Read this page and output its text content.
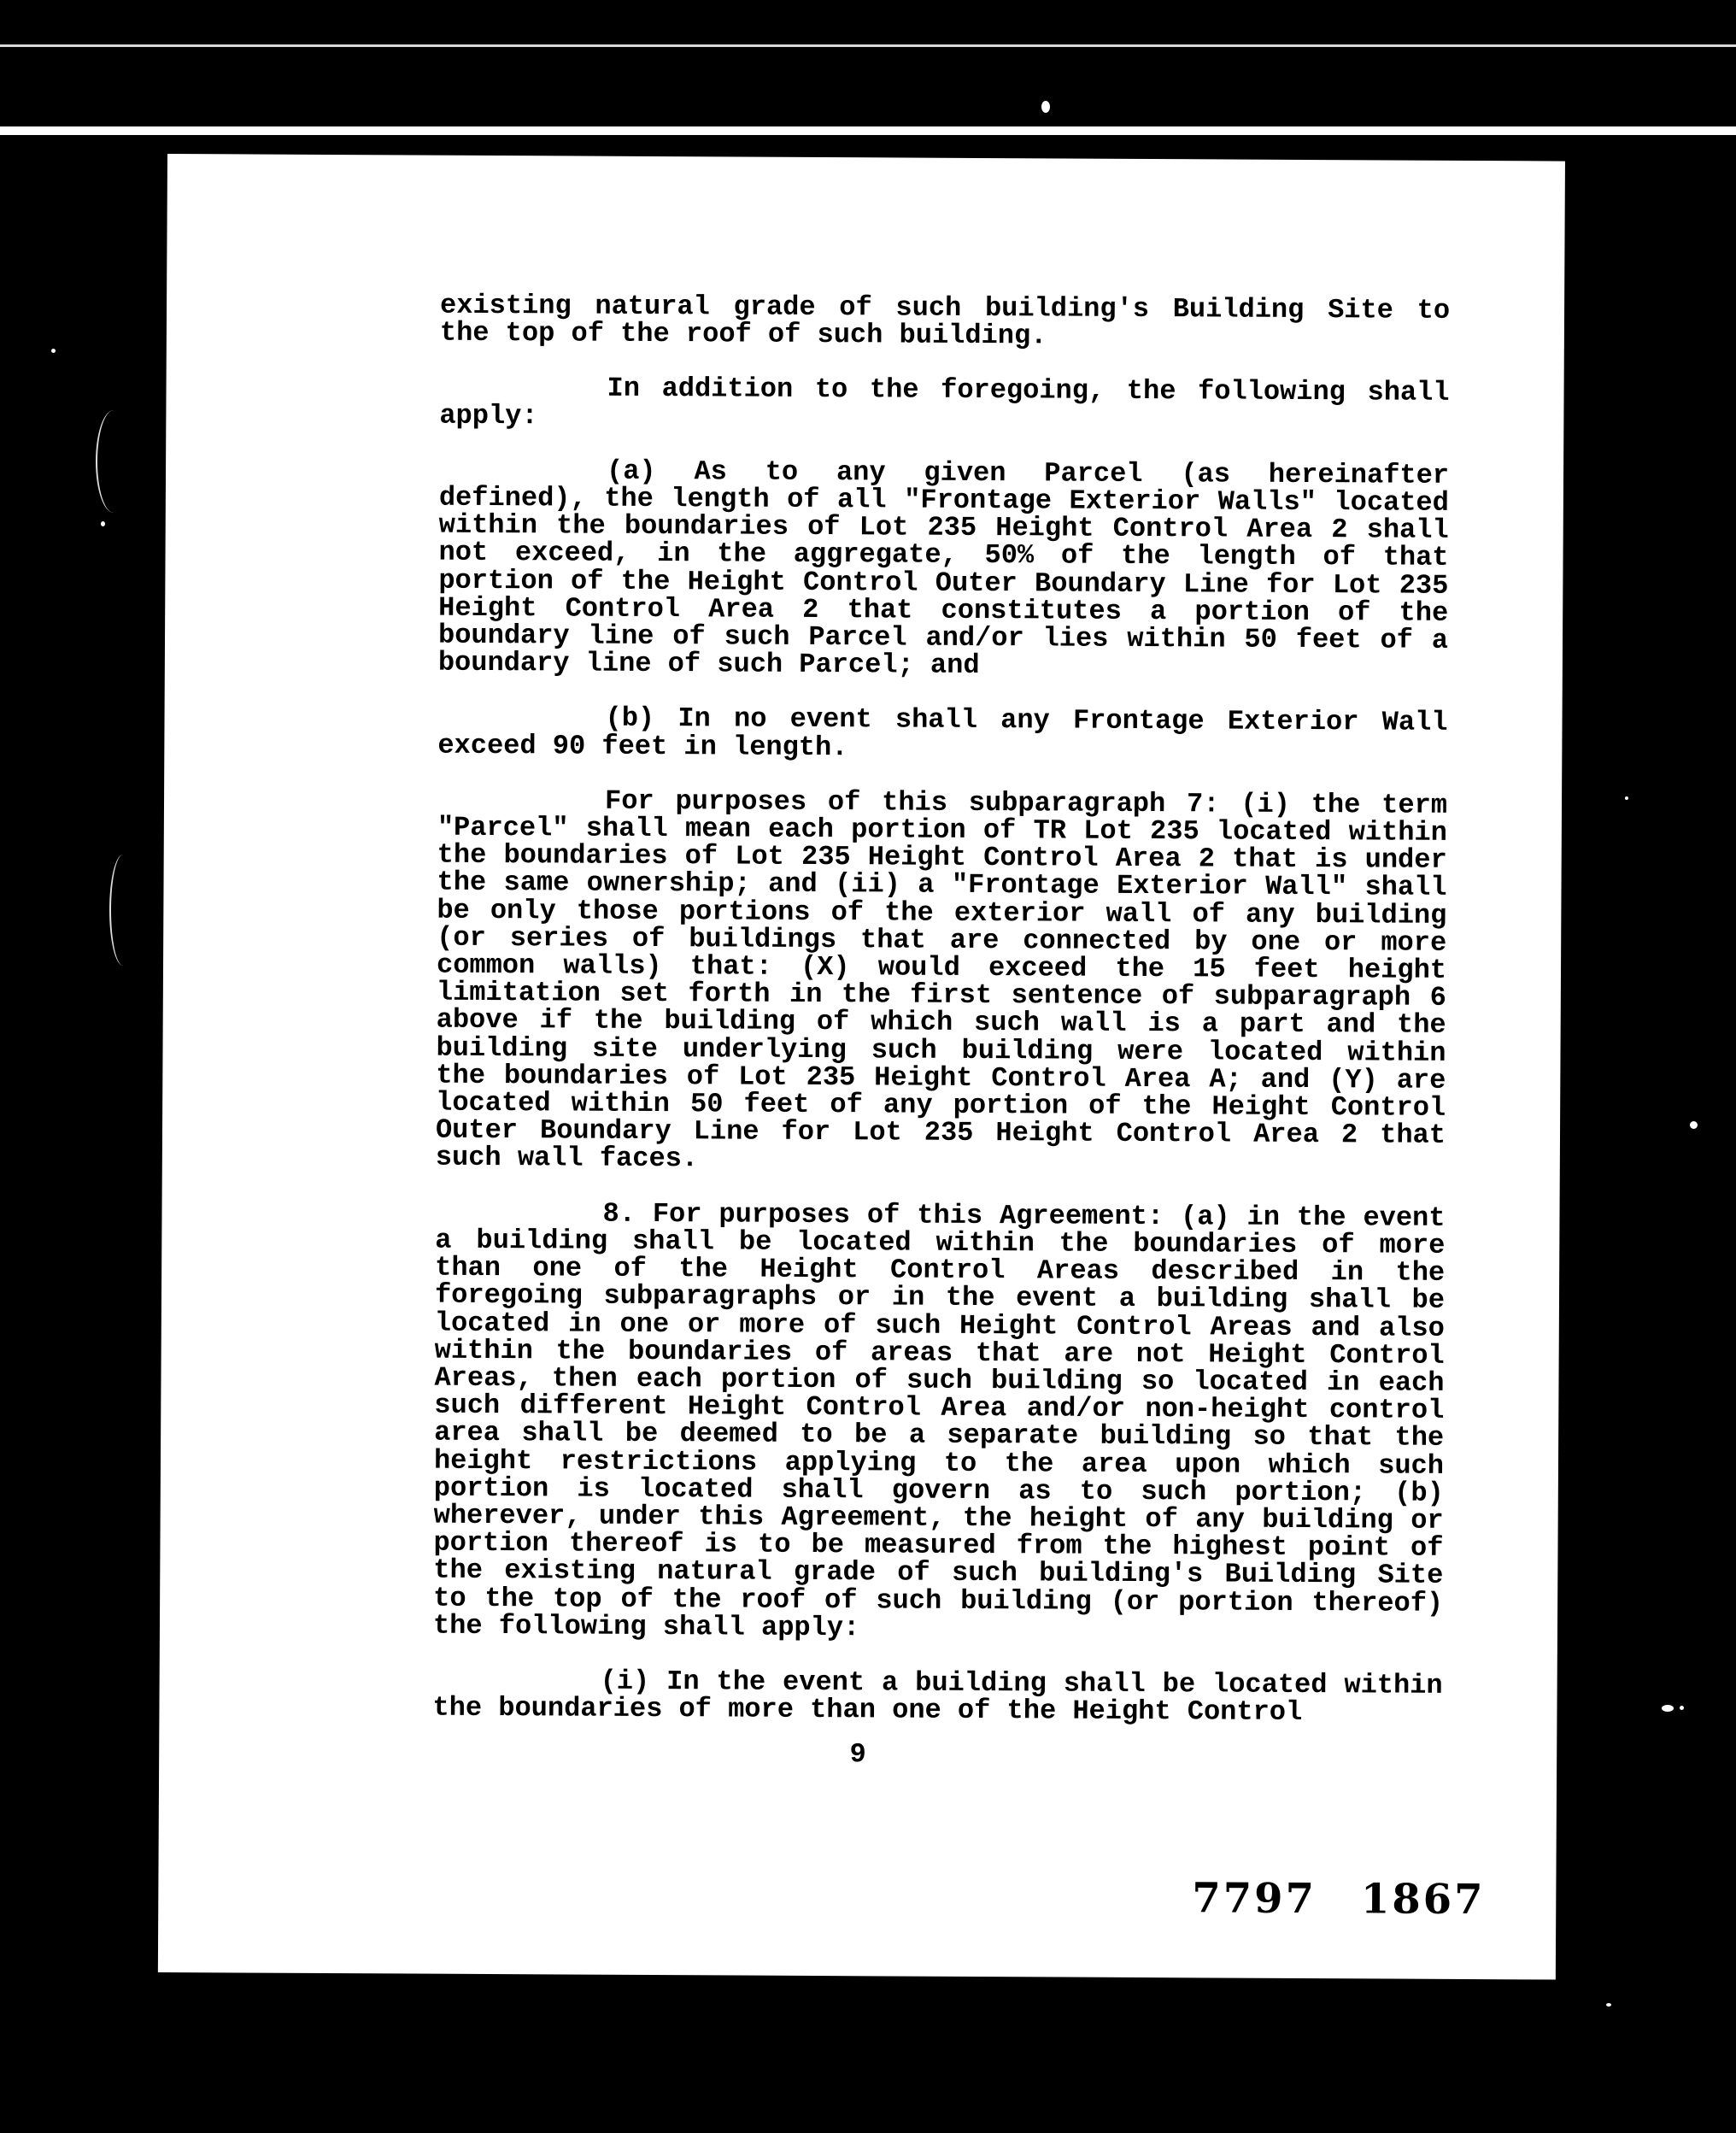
existing natural grade of such building's Building Site to the top of the roof of such building.

In addition to the foregoing, the following shall apply:

(a) As to any given Parcel (as hereinafter defined), the length of all "Frontage Exterior Walls" located within the boundaries of Lot 235 Height Control Area 2 shall not exceed, in the aggregate, 50% of the length of that portion of the Height Control Outer Boundary Line for Lot 235 Height Control Area 2 that constitutes a portion of the boundary line of such Parcel and/or lies within 50 feet of a boundary line of such Parcel; and

(b) In no event shall any Frontage Exterior Wall exceed 90 feet in length.

For purposes of this subparagraph 7: (i) the term "Parcel" shall mean each portion of TR Lot 235 located within the boundaries of Lot 235 Height Control Area 2 that is under the same ownership; and (ii) a "Frontage Exterior Wall" shall be only those portions of the exterior wall of any building (or series of buildings that are connected by one or more common walls) that: (X) would exceed the 15 feet height limitation set forth in the first sentence of subparagraph 6 above if the building of which such wall is a part and the building site underlying such building were located within the boundaries of Lot 235 Height Control Area A; and (Y) are located within 50 feet of any portion of the Height Control Outer Boundary Line for Lot 235 Height Control Area 2 that such wall faces.

8. For purposes of this Agreement: (a) in the event a building shall be located within the boundaries of more than one of the Height Control Areas described in the foregoing subparagraphs or in the event a building shall be located in one or more of such Height Control Areas and also within the boundaries of areas that are not Height Control Areas, then each portion of such building so located in each such different Height Control Area and/or non-height control area shall be deemed to be a separate building so that the height restrictions applying to the area upon which such portion is located shall govern as to such portion; (b) wherever, under this Agreement, the height of any building or portion thereof is to be measured from the highest point of the existing natural grade of such building's Building Site to the top of the roof of such building (or portion thereof) the following shall apply:

(i) In the event a building shall be located within the boundaries of more than one of the Height Control

9
7797 1867
